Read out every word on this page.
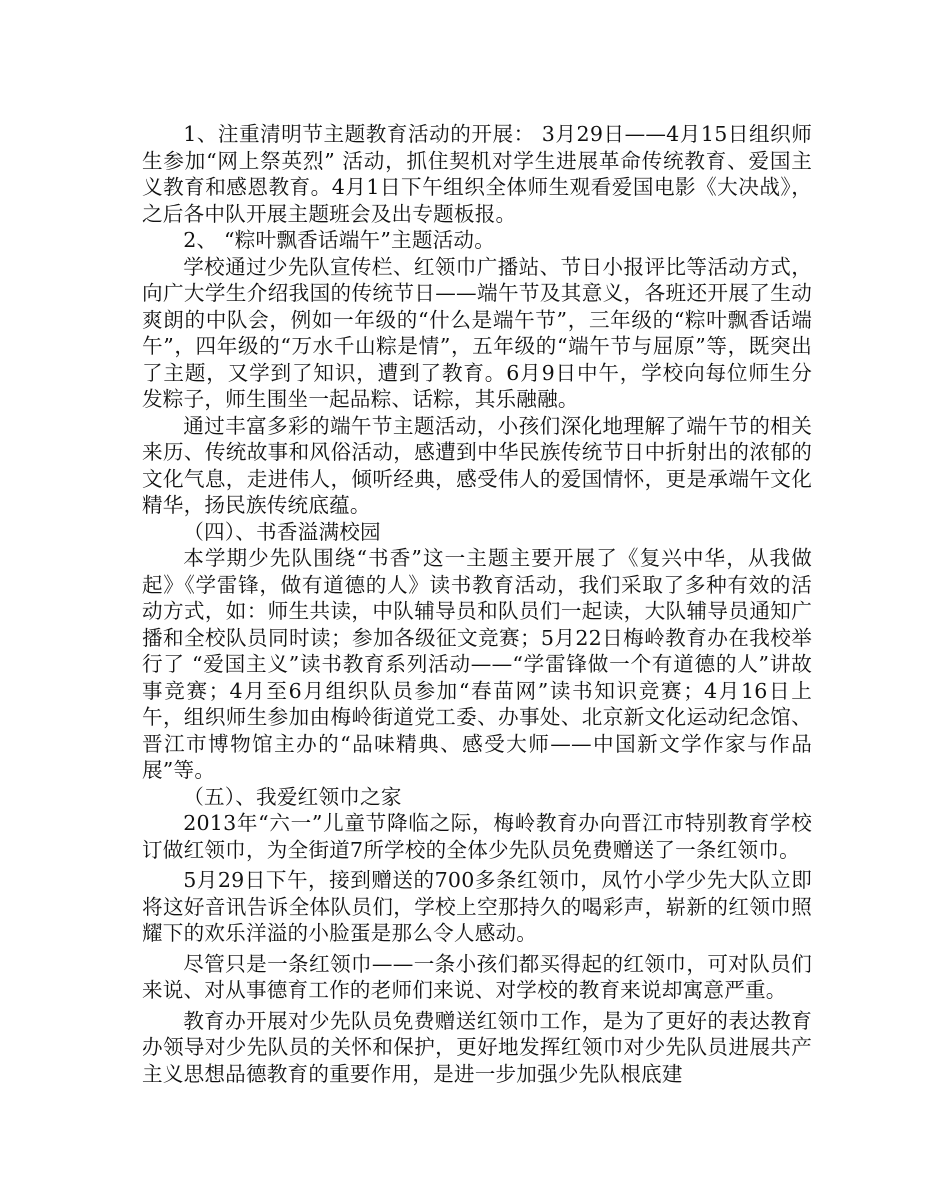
1、注重清明节主题教育活动的开展： 3月29日——4月15日组织师生参加“网上祭英烈” 活动，抓住契机对学生进展革命传统教育、爱国主义教育和感恩教育。4月1日下午组织全体师生观看爱国电影《大决战》，之后各中队开展主题班会及出专题板报。

2、 “粽叶飘香话端午”主题活动。

学校通过少先队宣传栏、红领巾广播站、节日小报评比等活动方式，向广大学生介绍我国的传统节日——端午节及其意义，各班还开展了生动爽朗的中队会，例如一年级的“什么是端午节”，三年级的“粽叶飘香话端午”，四年级的“万水千山粽是情”，五年级的“端午节与屈原”等，既突出了主题，又学到了知识，遭到了教育。6月9日中午，学校向每位师生分发粽子，师生围坐一起品粽、话粽，其乐融融。

通过丰富多彩的端午节主题活动，小孩们深化地理解了端午节的相关来历、传统故事和风俗活动，感遭到中华民族传统节日中折射出的浓郁的文化气息，走进伟人，倾听经典，感受伟人的爱国情怀，更是承端午文化精华，扬民族传统底蕴。

（四）、书香溢满校园

本学期少先队围绕“书香”这一主题主要开展了《复兴中华，从我做起》《学雷锋，做有道德的人》读书教育活动，我们采取了多种有效的活动方式，如：师生共读，中队辅导员和队员们一起读，大队辅导员通知广播和全校队员同时读；参加各级征文竞赛；5月22日梅岭教育办在我校举行了 “爱国主义”读书教育系列活动——“学雷锋做一个有道德的人”讲故事竞赛；4月至6月组织队员参加“春苗网”读书知识竞赛；4月16日上午，组织师生参加由梅岭街道党工委、办事处、北京新文化运动纪念馆、晋江市博物馆主办的“品味精典、感受大师——中国新文学作家与作品展”等。

（五）、我爱红领巾之家

2013年“六一”儿童节降临之际，梅岭教育办向晋江市特别教育学校订做红领巾，为全街道7所学校的全体少先队员免费赠送了一条红领巾。

5月29日下午，接到赠送的700多条红领巾，凤竹小学少先大队立即将这好音讯告诉全体队员们，学校上空那持久的喝彩声，崭新的红领巾照耀下的欢乐洋溢的小脸蛋是那么令人感动。

尽管只是一条红领巾——一条小孩们都买得起的红领巾，可对队员们来说、对从事德育工作的老师们来说、对学校的教育来说却寓意严重。

教育办开展对少先队员免费赠送红领巾工作，是为了更好的表达教育办领导对少先队员的关怀和保护，更好地发挥红领巾对少先队员进展共产主义思想品德教育的重要作用，是进一步加强少先队根底建
